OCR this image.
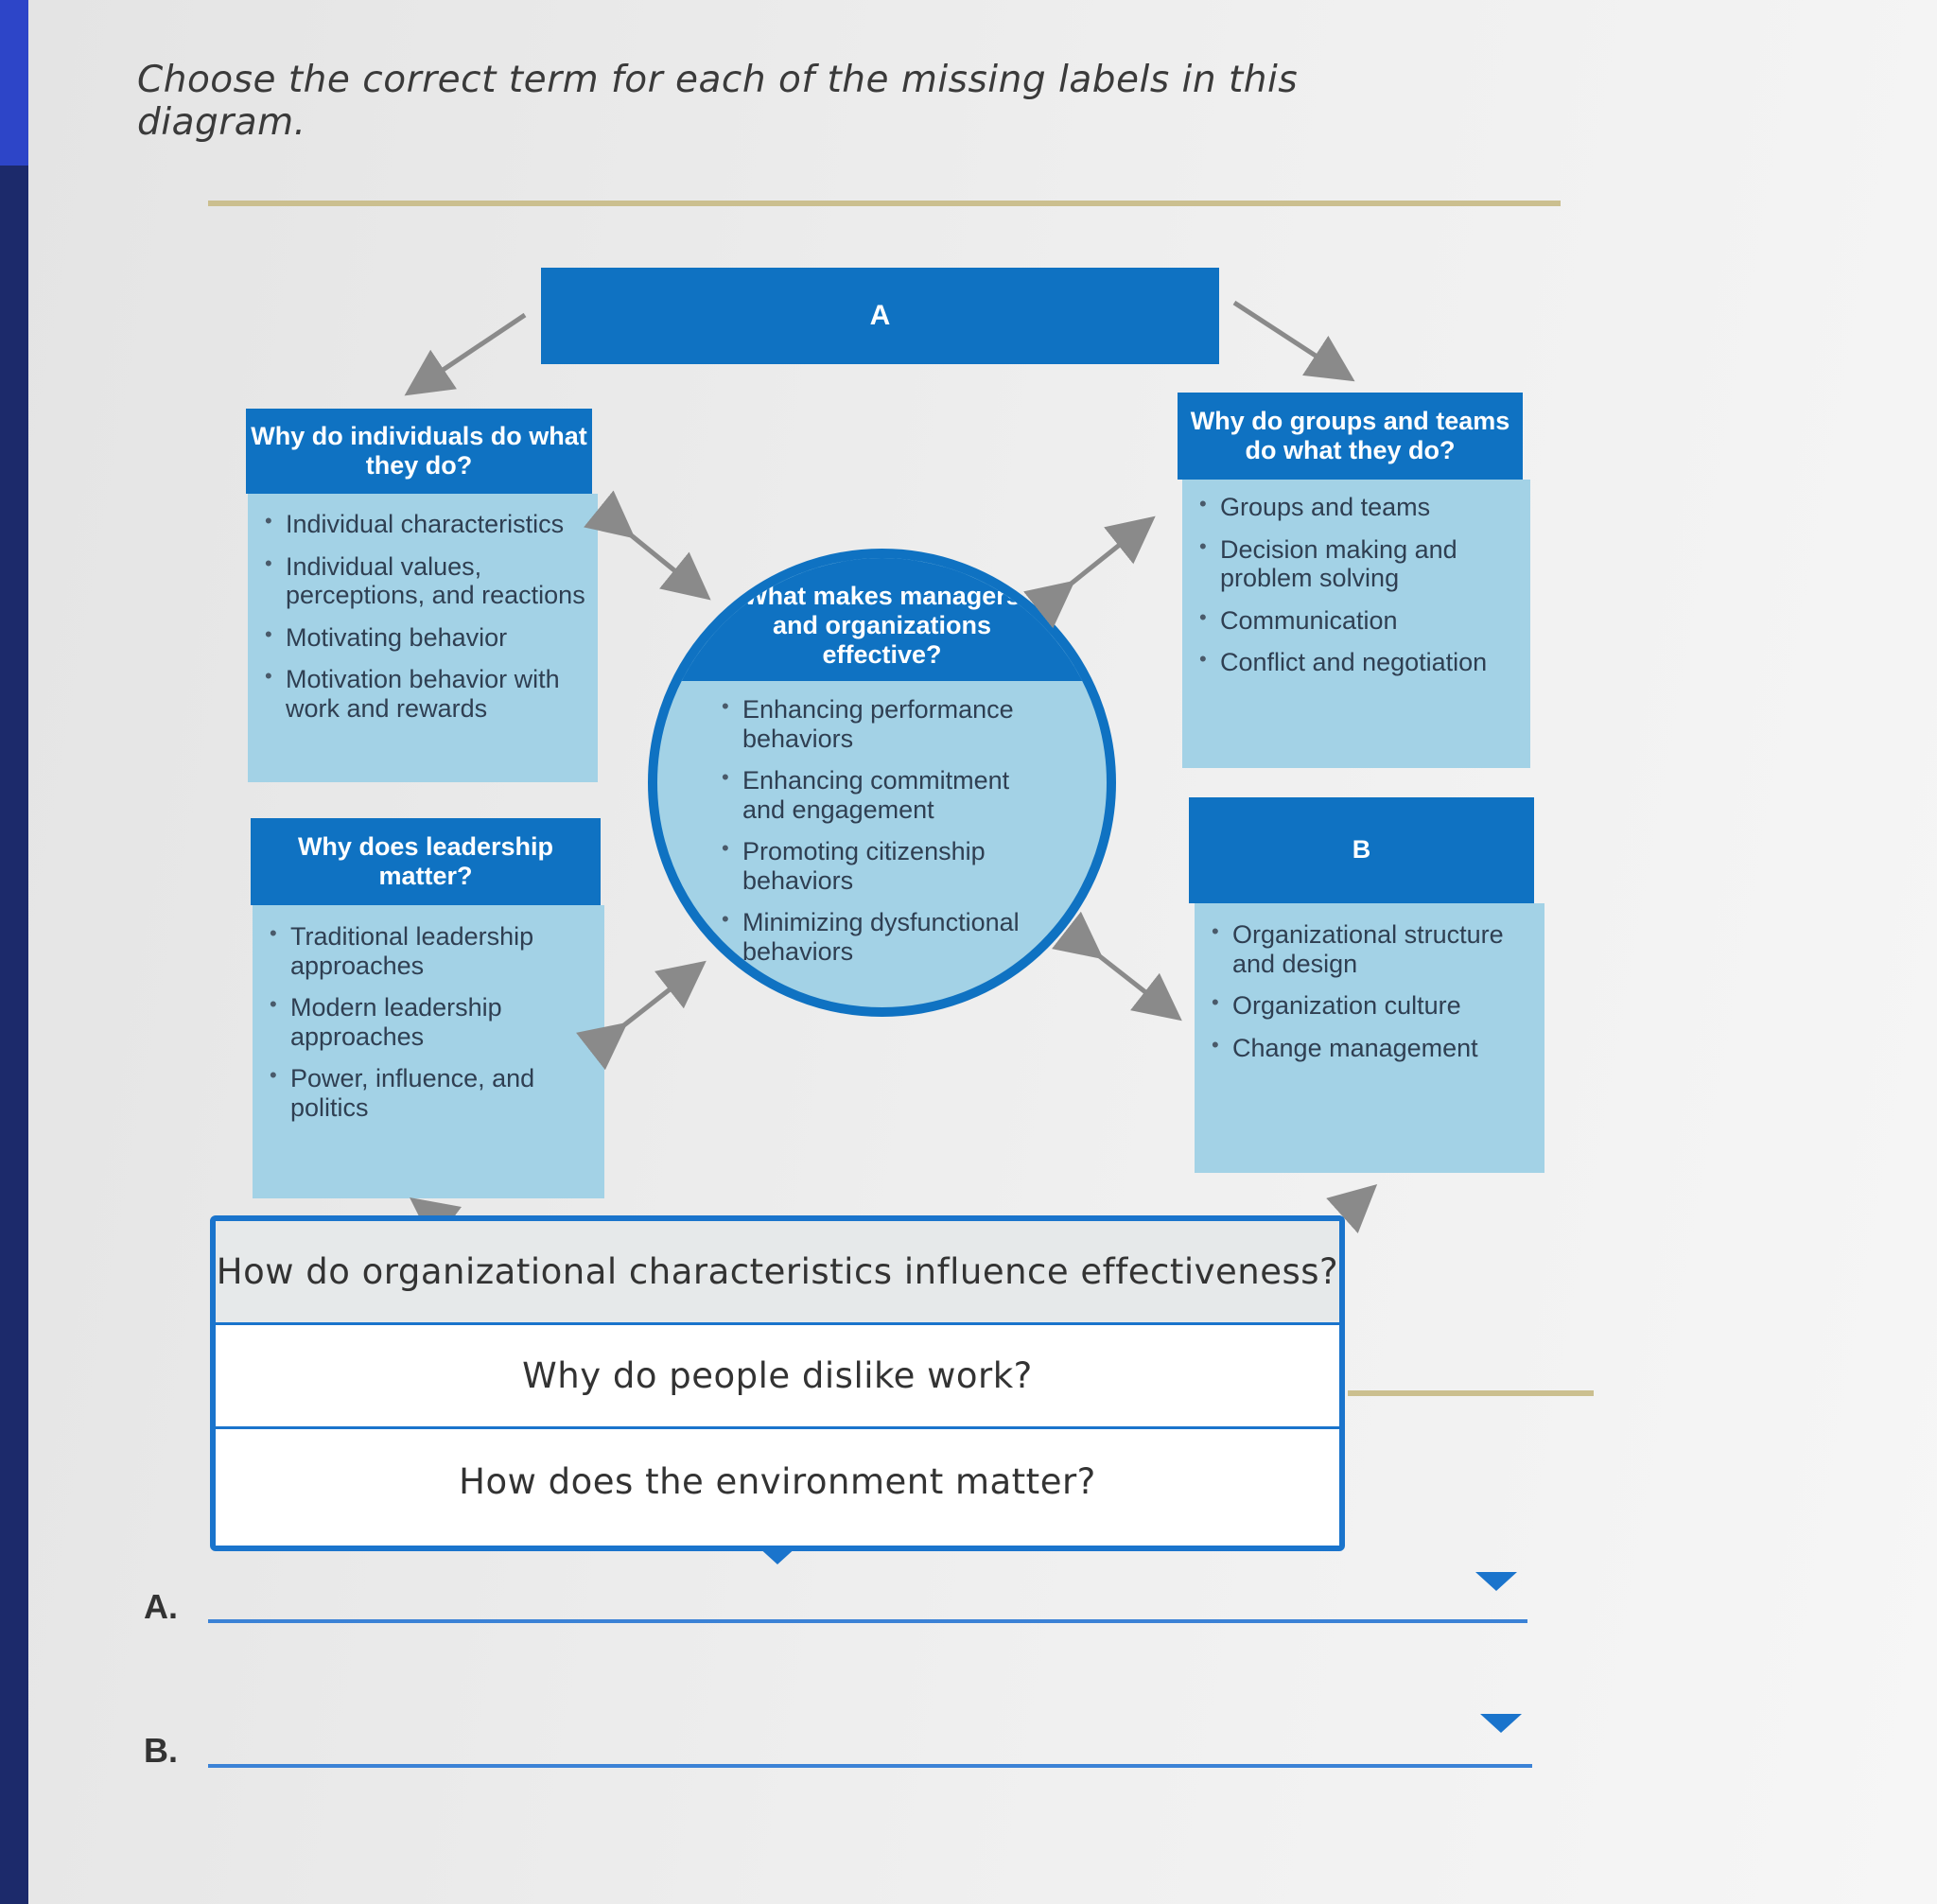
Choose the correct term for each of the missing labels in this diagram.
A
Why do individuals do what they do?
• Individual characteristics
• Individual values, perceptions, and reactions
• Motivating behavior
• Motivation behavior with work and rewards
Why do groups and teams do what they do?
• Groups and teams
• Decision making and problem solving
• Communication
• Conflict and negotiation
Why does leadership matter?
• Traditional leadership approaches
• Modern leadership approaches
• Power, influence, and politics
B
• Organizational structure and design
• Organization culture
• Change management
What makes managers and organizations effective?
• Enhancing performance behaviors
• Enhancing commitment and engagement
• Promoting citizenship behaviors
• Minimizing dysfunctional behaviors
How do organizational characteristics influence effectiveness?
Why do people dislike work?
How does the environment matter?
A.
B.
